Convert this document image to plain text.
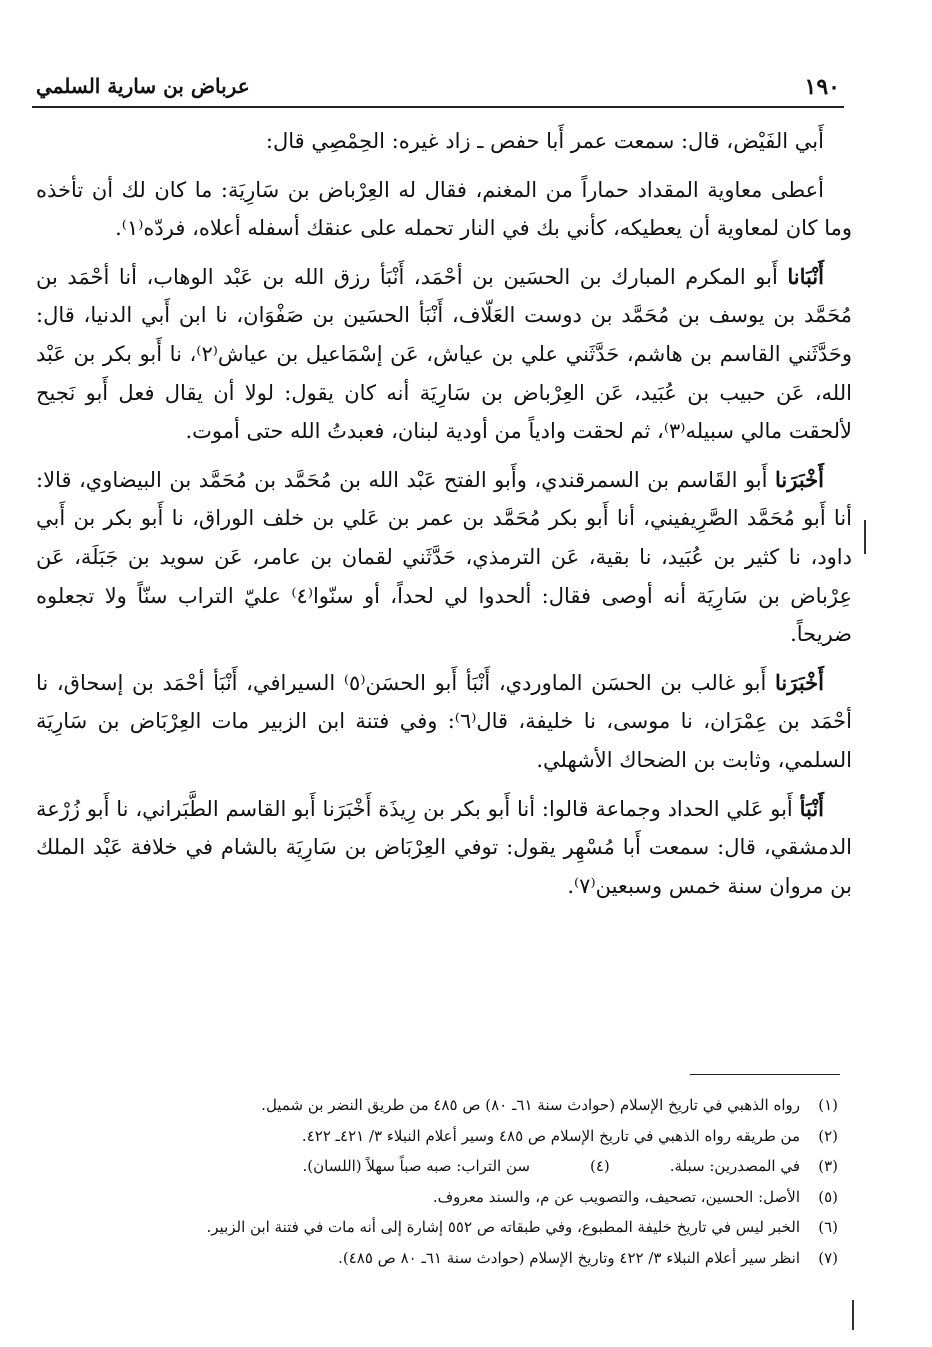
عرباض بن سارية السلمي	١٩٠

أَبي الفَيْض، قال: سمعت عمر أَبا حفص ـ زاد غيره: الحِمْصِي قال:

أعطى معاوية المقداد حماراً من المغنم، فقال له العِرْباض بن سَارِيَة: ما كان لك أن تأخذه وما كان لمعاوية أن يعطيكه، كأني بك في النار تحمله على عنقك أسفله أعلاه، فردّه⁽١⁾.

أَنْبَانا أَبو المكرم المبارك بن الحسَين بن أحْمَد، أَنْبَأ رزق الله بن عَبْد الوهاب، أنا أحْمَد بن مُحَمَّد بن يوسف بن مُحَمَّد بن دوست العَلّاف، أَنْبَأ الحسَين بن صَفْوَان، نا ابن أَبي الدنيا، قال: وحَدَّثَني القاسم بن هاشم، حَدَّثَني علي بن عياش، عَن إسْمَاعيل بن عياش⁽٢⁾، نا أَبو بكر بن عَبْد الله، عَن حبيب بن عُبَيد، عَن العِرْباض بن سَارِيَة أنه كان يقول: لولا أن يقال فعل أَبو نَجيح لألحقت مالي سبيله⁽٣⁾، ثم لحقت وادياً من أودية لبنان، فعبدتُ الله حتى أموت.

أَخْبَرَنا أَبو القَاسم بن السمرقندي، وأَبو الفتح عَبْد الله بن مُحَمَّد بن مُحَمَّد بن البيضاوي، قالا: أنا أَبو مُحَمَّد الصَّرِيفيني، أنا أَبو بكر مُحَمَّد بن عمر بن عَلي بن خلف الوراق، نا أَبو بكر بن أَبي داود، نا كثير بن عُبَيد، نا بقية، عَن الترمذي، حَدَّثَني لقمان بن عامر، عَن سويد بن جَبَلَة، عَن عِرْباض بن سَارِيَة أنه أوصى فقال: ألحدوا لي لحداً، أو سنّوا⁽٤⁾ عليّ التراب سنّاً ولا تجعلوه ضريحاً.

أَخْبَرَنا أَبو غالب بن الحسَن الماوردي، أَنْبَأ أَبو الحسَن⁽٥⁾ السيرافي، أَنْبَأ أحْمَد بن إسحاق، نا أحْمَد بن عِمْرَان، نا موسى، نا خليفة، قال⁽٦⁾: وفي فتنة ابن الزبير مات العِرْبَاض بن سَارِيَة السلمي، وثابت بن الضحاك الأشهلي.

أَنْبَأ أَبو عَلي الحداد وجماعة قالوا: أنا أَبو بكر بن رِيذَة أَخْبَرَنا أَبو القاسم الطَّبَراني، نا أَبو زُرْعة الدمشقي، قال: سمعت أَبا مُسْهِر يقول: توفي العِرْبَاض بن سَارِيَة بالشام في خلافة عَبْد الملك بن مروان سنة خمس وسبعين⁽٧⁾.

(١)
رواه الذهبي في تاريخ الإسلام (حوادث سنة ٦١ـ ٨٠) ص ٤٨٥ من طريق النضر بن شميل.
(٢)
من طريقه رواه الذهبي في تاريخ الإسلام ص ٤٨٥ وسير أعلام النبلاء ٣/ ٤٢١ـ ٤٢٢.
(٣)
في المصدرين: سبلة.
(٤)
سن التراب: صبه صباً سهلاً (اللسان).
(٥)
الأصل: الحسين، تصحيف، والتصويب عن م، والسند معروف.
(٦)
الخبر ليس في تاريخ خليفة المطبوع، وفي طبقاته ص ٥٥٢ إشارة إلى أنه مات في فتنة ابن الزبير.
(٧)
انظر سير أعلام النبلاء ٣/ ٤٢٢ وتاريخ الإسلام (حوادث سنة ٦١ـ ٨٠ ص ٤٨٥).
